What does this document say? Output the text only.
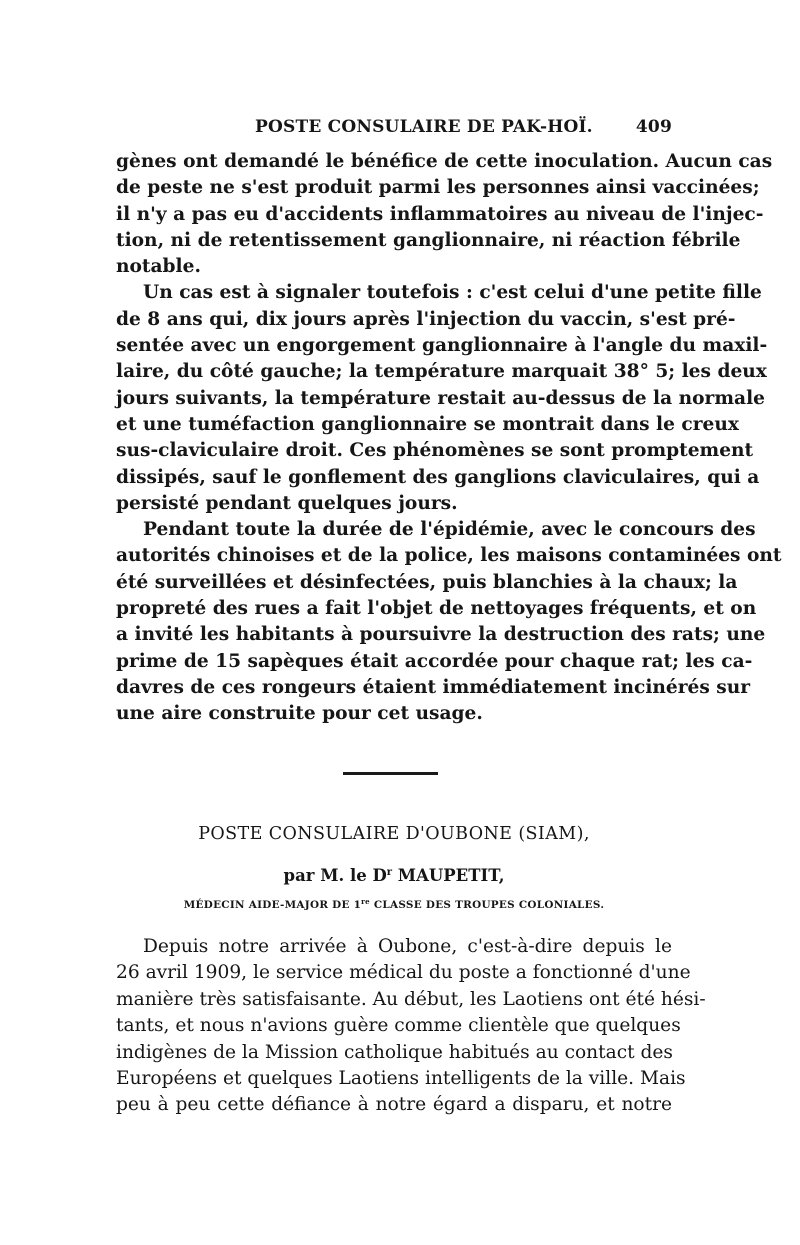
POSTE CONSULAIRE DE PAK-HOÏ.	409
gènes ont demandé le bénéfice de cette inoculation. Aucun cas
de peste ne s'est produit parmi les personnes ainsi vaccinées;
il n'y a pas eu d'accidents inflammatoires au niveau de l'injec-
tion, ni de retentissement ganglionnaire, ni réaction fébrile
notable.
Un cas est à signaler toutefois : c'est celui d'une petite fille
de 8 ans qui, dix jours après l'injection du vaccin, s'est pré-
sentée avec un engorgement ganglionnaire à l'angle du maxil-
laire, du côté gauche; la température marquait 38° 5; les deux
jours suivants, la température restait au-dessus de la normale
et une tuméfaction ganglionnaire se montrait dans le creux
sus-claviculaire droit. Ces phénomènes se sont promptement
dissipés, sauf le gonflement des ganglions claviculaires, qui a
persisté pendant quelques jours.
Pendant toute la durée de l'épidémie, avec le concours des
autorités chinoises et de la police, les maisons contaminées ont
été surveillées et désinfectées, puis blanchies à la chaux; la
propreté des rues a fait l'objet de nettoyages fréquents, et on
a invité les habitants à poursuivre la destruction des rats; une
prime de 15 sapèques était accordée pour chaque rat; les ca-
davres de ces rongeurs étaient immédiatement incinérés sur
une aire construite pour cet usage.
POSTE CONSULAIRE D'OUBONE (SIAM),
par M. le $D^r$ MAUPETIT,
MÉDECIN AIDE-MAJOR DE 1re CLASSE DES TROUPES COLONIALES.
Depuis notre arrivée à Oubone, c'est-à-dire depuis le
26 avril 1909, le service médical du poste a fonctionné d'une
manière très satisfaisante. Au début, les Laotiens ont été hési-
tants, et nous n'avions guère comme clientèle que quelques
indigènes de la Mission catholique habitués au contact des
Européens et quelques Laotiens intelligents de la ville. Mais
peu à peu cette défiance à notre égard a disparu, et notre
